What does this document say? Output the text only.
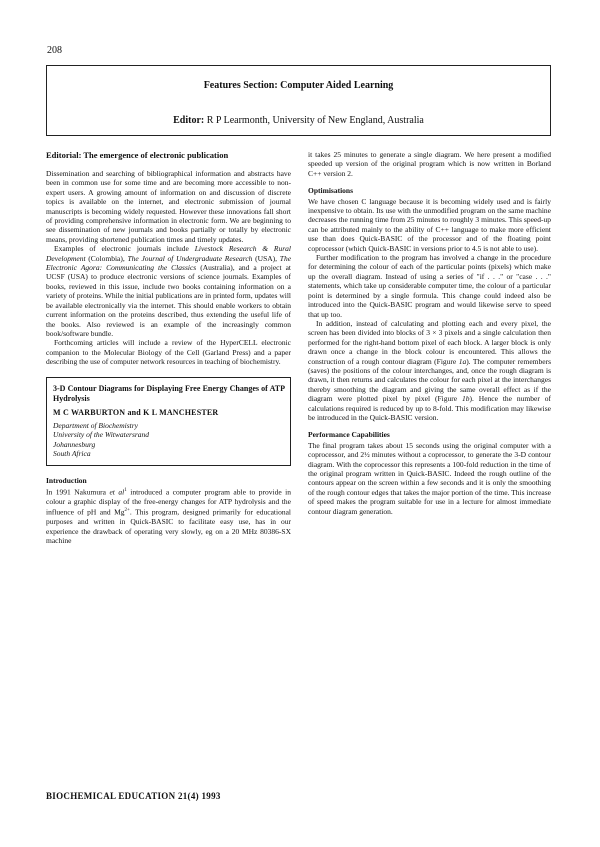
208
Features Section: Computer Aided Learning
Editor: R P Learmonth, University of New England, Australia
Editorial: The emergence of electronic publication

Dissemination and searching of bibliographical information and abstracts have been in common use for some time and are becoming more accessible to non-expert users. A growing amount of information on and discussion of discrete topics is available on the internet, and electronic submission of journal manuscripts is becoming widely requested. However these innovations fall short of providing comprehensive information in electronic form. We are beginning to see dissemination of new journals and books partially or totally by electronic means, providing shortened publication times and timely updates.

Examples of electronic journals include Livestock Research & Rural Development (Colombia), The Journal of Undergraduate Research (USA), The Electronic Agora: Communicating the Classics (Australia), and a project at UCSF (USA) to produce electronic versions of science journals. Examples of books, reviewed in this issue, include two books containing information on a variety of proteins. While the initial publications are in printed form, updates will be available electronically via the internet. This should enable workers to obtain current information on the proteins described, thus extending the useful life of the books. Also reviewed is an example of the increasingly common book/software bundle.

Forthcoming articles will include a review of the HyperCELL electronic companion to the Molecular Biology of the Cell (Garland Press) and a paper describing the use of computer network resources in teaching of biochemistry.

3-D Contour Diagrams for Displaying Free Energy Changes of ATP Hydrolysis
M C WARBURTON and K L MANCHESTER
Department of Biochemistry
University of the Witwatersrand
Johannesburg
South Africa
Introduction

In 1991 Nakumura et $al^1$ introduced a computer program able to provide in colour a graphic display of the free-energy changes for ATP hydrolysis and the influence of pH and $Mg^{2+}$. This program, designed primarily for educational purposes and written in Quick-BASIC to facilitate easy use, has in our experience the drawback of operating very slowly, eg on a 20 MHz 80386-SX machine

it takes 25 minutes to generate a single diagram. We here present a modified speeded up version of the original program which is now written in Borland C++ version 2.

Optimisations

We have chosen C language because it is becoming widely used and is fairly inexpensive to obtain. Its use with the unmodified program on the same machine decreases the running time from 25 minutes to roughly 3 minutes. This speed-up can be attributed mainly to the ability of C++ language to make more efficient use than does Quick-BASIC of the processor and of the floating point coprocessor (which Quick-BASIC in versions prior to 4.5 is not able to use).

Further modification to the program has involved a change in the procedure for determining the colour of each of the particular points (pixels) which make up the overall diagram. Instead of using a series of "if . . ." or "case . . ." statements, which take up considerable computer time, the colour of a particular point is determined by a single formula. This change could indeed also be introduced into the Quick-BASIC program and would likewise serve to speed that up too.

In addition, instead of calculating and plotting each and every pixel, the screen has been divided into blocks of 3 × 3 pixels and a single calculation then performed for the right-hand bottom pixel of each block. A larger block is only drawn once a change in the block colour is encountered. This allows the construction of a rough contour diagram (Figure 1a). The computer remembers (saves) the positions of the colour interchanges, and, once the rough diagram is drawn, it then returns and calculates the colour for each pixel at the interchanges thereby smoothing the diagram and giving the same overall effect as if the diagram were plotted pixel by pixel (Figure 1b). Hence the number of calculations required is reduced by up to 8-fold. This modification may likewise be introduced in the Quick-BASIC version.

Performance Capabilities

The final program takes about 15 seconds using the original computer with a coprocessor, and 2½ minutes without a coprocessor, to generate the 3-D contour diagram. With the coprocessor this represents a 100-fold reduction in the time of the original program written in Quick-BASIC. Indeed the rough outline of the contours appear on the screen within a few seconds and it is only the smoothing of the rough contour edges that takes the major portion of the time. This increase of speed makes the program suitable for use in a lecture for almost immediate contour diagram generation.

BIOCHEMICAL EDUCATION 21(4) 1993
